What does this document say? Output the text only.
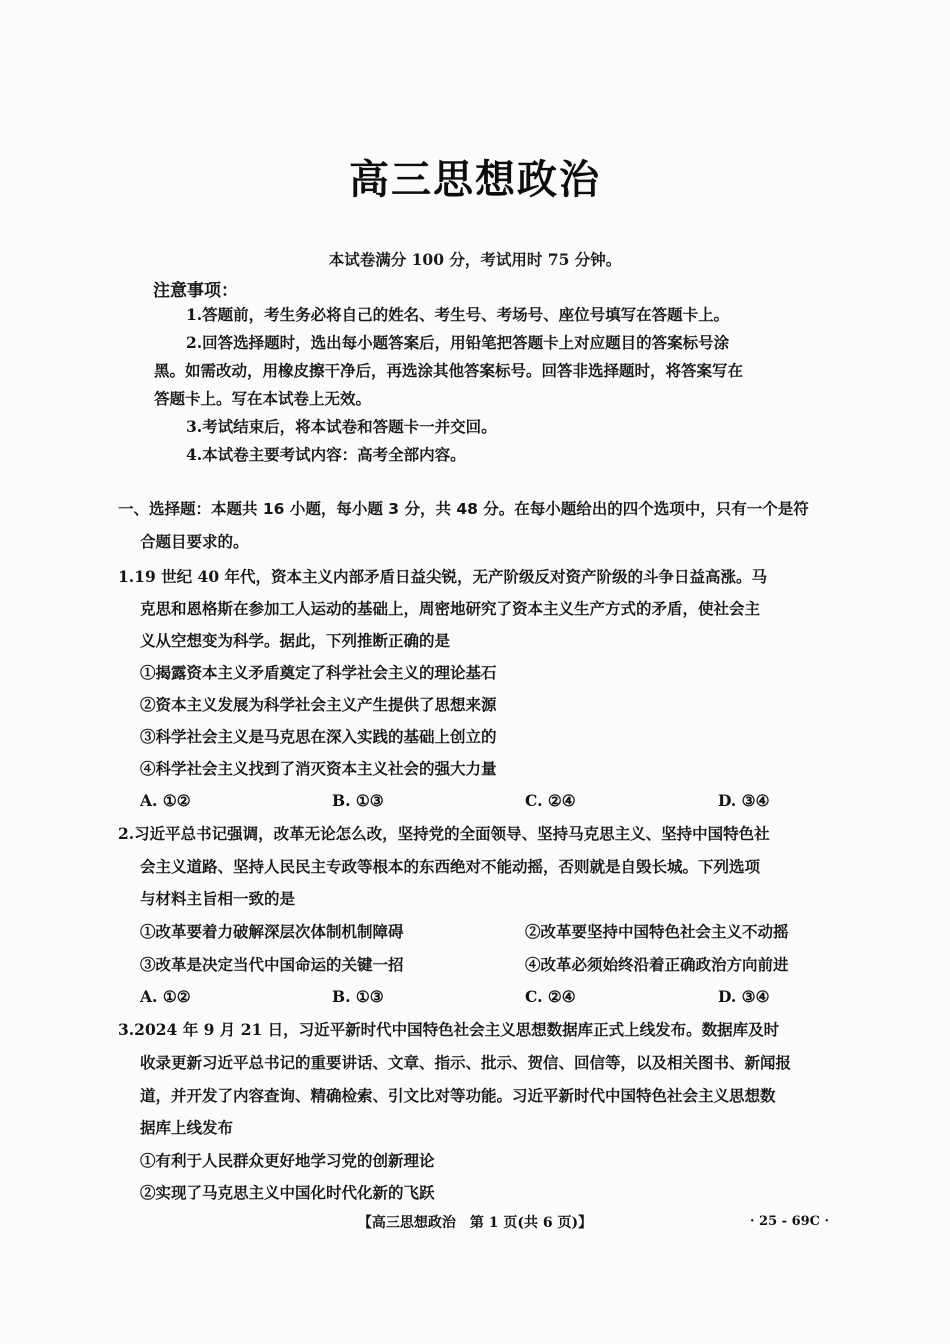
高三思想政治
本试卷满分 100 分，考试用时 75 分钟。
注意事项：
1.答题前，考生务必将自己的姓名、考生号、考场号、座位号填写在答题卡上。
2.回答选择题时，选出每小题答案后，用铅笔把答题卡上对应题目的答案标号涂
黑。如需改动，用橡皮擦干净后，再选涂其他答案标号。回答非选择题时，将答案写在
答题卡上。写在本试卷上无效。
3.考试结束后，将本试卷和答题卡一并交回。
4.本试卷主要考试内容：高考全部内容。
一、选择题：本题共 16 小题，每小题 3 分，共 48 分。在每小题给出的四个选项中，只有一个是符
合题目要求的。
1.19 世纪 40 年代，资本主义内部矛盾日益尖锐，无产阶级反对资产阶级的斗争日益高涨。马
克思和恩格斯在参加工人运动的基础上，周密地研究了资本主义生产方式的矛盾，使社会主
义从空想变为科学。据此，下列推断正确的是
①揭露资本主义矛盾奠定了科学社会主义的理论基石
②资本主义发展为科学社会主义产生提供了思想来源
③科学社会主义是马克思在深入实践的基础上创立的
④科学社会主义找到了消灭资本主义社会的强大力量
A. ①②	B. ①③	C. ②④	D. ③④
2.习近平总书记强调，改革无论怎么改，坚持党的全面领导、坚持马克思主义、坚持中国特色社
会主义道路、坚持人民民主专政等根本的东西绝对不能动摇，否则就是自毁长城。下列选项
与材料主旨相一致的是
①改革要着力破解深层次体制机制障碍	②改革要坚持中国特色社会主义不动摇
③改革是决定当代中国命运的关键一招	④改革必须始终沿着正确政治方向前进
A. ①②	B. ①③	C. ②④	D. ③④
3.2024 年 9 月 21 日，习近平新时代中国特色社会主义思想数据库正式上线发布。数据库及时
收录更新习近平总书记的重要讲话、文章、指示、批示、贺信、回信等，以及相关图书、新闻报
道，并开发了内容查询、精确检索、引文比对等功能。习近平新时代中国特色社会主义思想数
据库上线发布
①有利于人民群众更好地学习党的创新理论
②实现了马克思主义中国化时代化新的飞跃
【高三思想政治　第 1 页(共 6 页)】	· 25 - 69C ·
